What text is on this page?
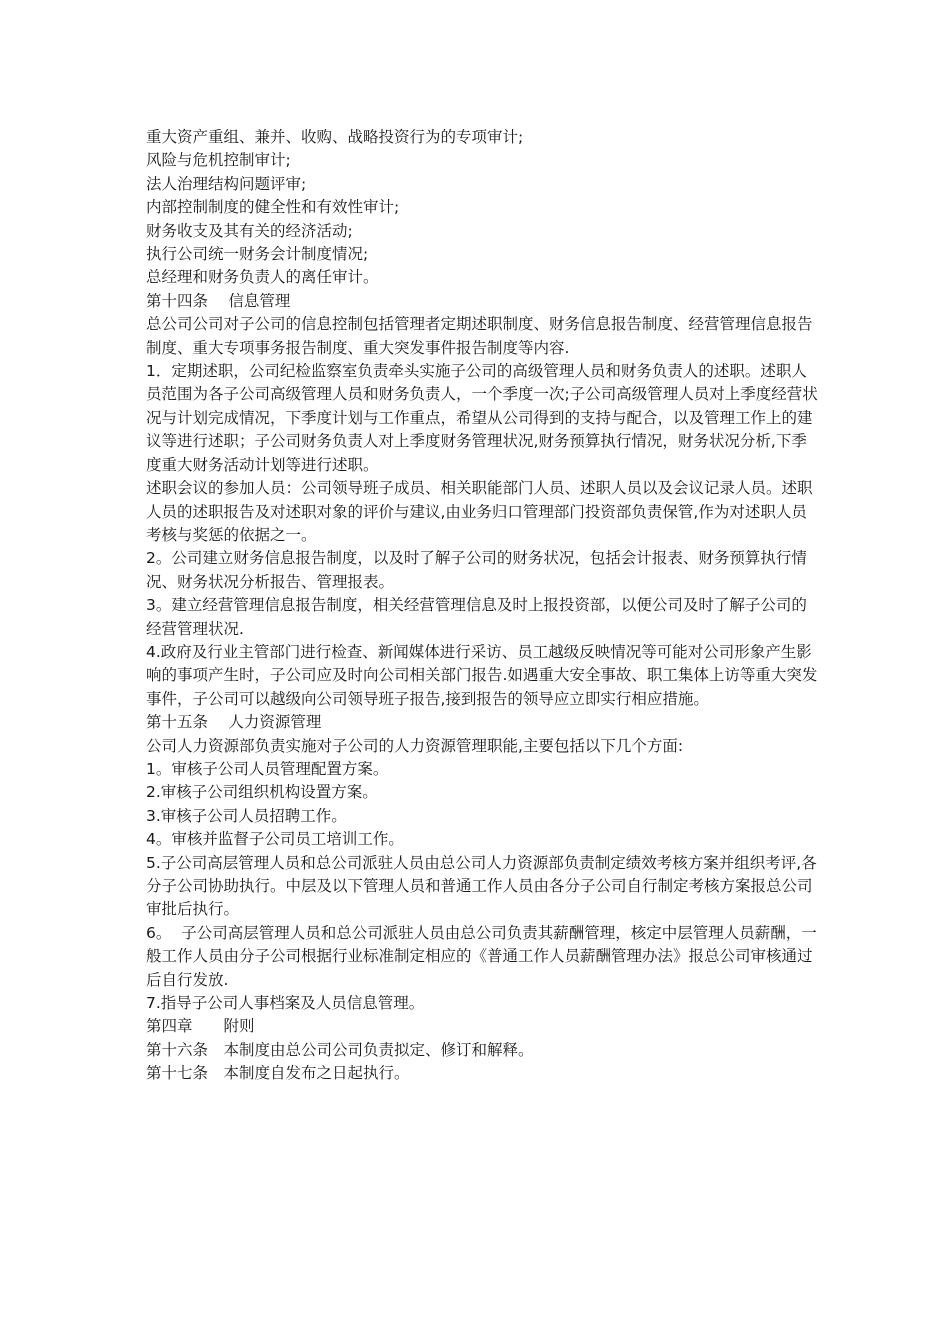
重大资产重组、兼并、收购、战略投资行为的专项审计;

风险与危机控制审计;

法人治理结构问题评审;

内部控制制度的健全性和有效性审计;

财务收支及其有关的经济活动;

执行公司统一财务会计制度情况;

总经理和财务负责人的离任审计。

第十四条　 信息管理

总公司公司对子公司的信息控制包括管理者定期述职制度、财务信息报告制度、经营管理信息报告制度、重大专项事务报告制度、重大突发事件报告制度等内容.

1．定期述职，公司纪检监察室负责牵头实施子公司的高级管理人员和财务负责人的述职。述职人员范围为各子公司高级管理人员和财务负责人，一个季度一次;子公司高级管理人员对上季度经营状况与计划完成情况，下季度计划与工作重点，希望从公司得到的支持与配合，以及管理工作上的建议等进行述职；子公司财务负责人对上季度财务管理状况,财务预算执行情况，财务状况分析,下季度重大财务活动计划等进行述职。

述职会议的参加人员：公司领导班子成员、相关职能部门人员、述职人员以及会议记录人员。述职人员的述职报告及对述职对象的评价与建议,由业务归口管理部门投资部负责保管,作为对述职人员考核与奖惩的依据之一。

2。公司建立财务信息报告制度，以及时了解子公司的财务状况，包括会计报表、财务预算执行情况、财务状况分析报告、管理报表。

3。建立经营管理信息报告制度，相关经营管理信息及时上报投资部，以便公司及时了解子公司的经营管理状况.

4.政府及行业主管部门进行检查、新闻媒体进行采访、员工越级反映情况等可能对公司形象产生影响的事项产生时，子公司应及时向公司相关部门报告.如遇重大安全事故、职工集体上访等重大突发事件，子公司可以越级向公司领导班子报告,接到报告的领导应立即实行相应措施。

第十五条　 人力资源管理

公司人力资源部负责实施对子公司的人力资源管理职能,主要包括以下几个方面:

1。审核子公司人员管理配置方案。

2.审核子公司组织机构设置方案。

3.审核子公司人员招聘工作。

4。审核并监督子公司员工培训工作。

5.子公司高层管理人员和总公司派驻人员由总公司人力资源部负责制定绩效考核方案并组织考评,各分子公司协助执行。中层及以下管理人员和普通工作人员由各分子公司自行制定考核方案报总公司审批后执行。

6。  子公司高层管理人员和总公司派驻人员由总公司负责其薪酬管理，核定中层管理人员薪酬，一般工作人员由分子公司根据行业标准制定相应的《普通工作人员薪酬管理办法》报总公司审核通过后自行发放.

7.指导子公司人事档案及人员信息管理。

第四章　　附则

第十六条　本制度由总公司公司负责拟定、修订和解释。

第十七条　本制度自发布之日起执行。
